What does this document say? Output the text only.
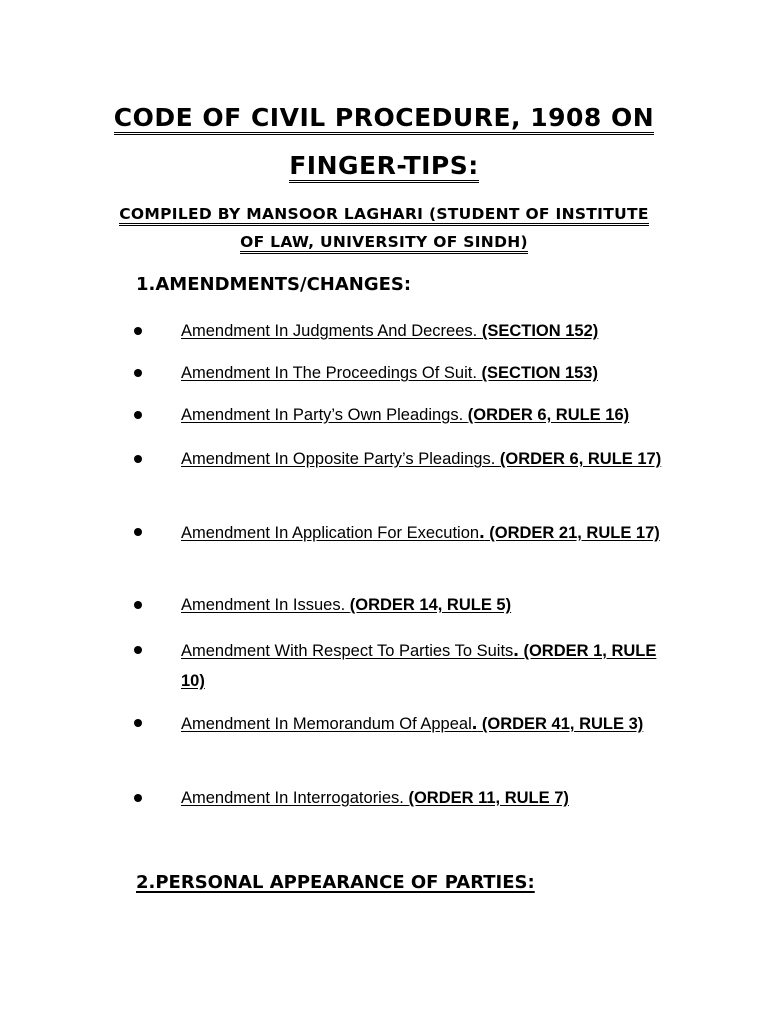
CODE OF CIVIL PROCEDURE, 1908 ON
FINGER-TIPS:
COMPILED BY MANSOOR LAGHARI (STUDENT OF INSTITUTE
OF LAW, UNIVERSITY OF SINDH)
1.AMENDMENTS/CHANGES:
Amendment In Judgments And Decrees. (SECTION 152)
Amendment In The Proceedings Of Suit. (SECTION 153)
Amendment In Party’s Own Pleadings. (ORDER 6, RULE 16)
Amendment In Opposite Party’s Pleadings. (ORDER 6, RULE 17)
Amendment In Application For Execution. (ORDER 21, RULE 17)
Amendment In Issues. (ORDER 14, RULE 5)
Amendment With Respect To Parties To Suits. (ORDER 1, RULE 10)
Amendment In Memorandum Of Appeal. (ORDER 41, RULE 3)
Amendment In Interrogatories. (ORDER 11, RULE 7)
2.PERSONAL APPEARANCE OF PARTIES:
